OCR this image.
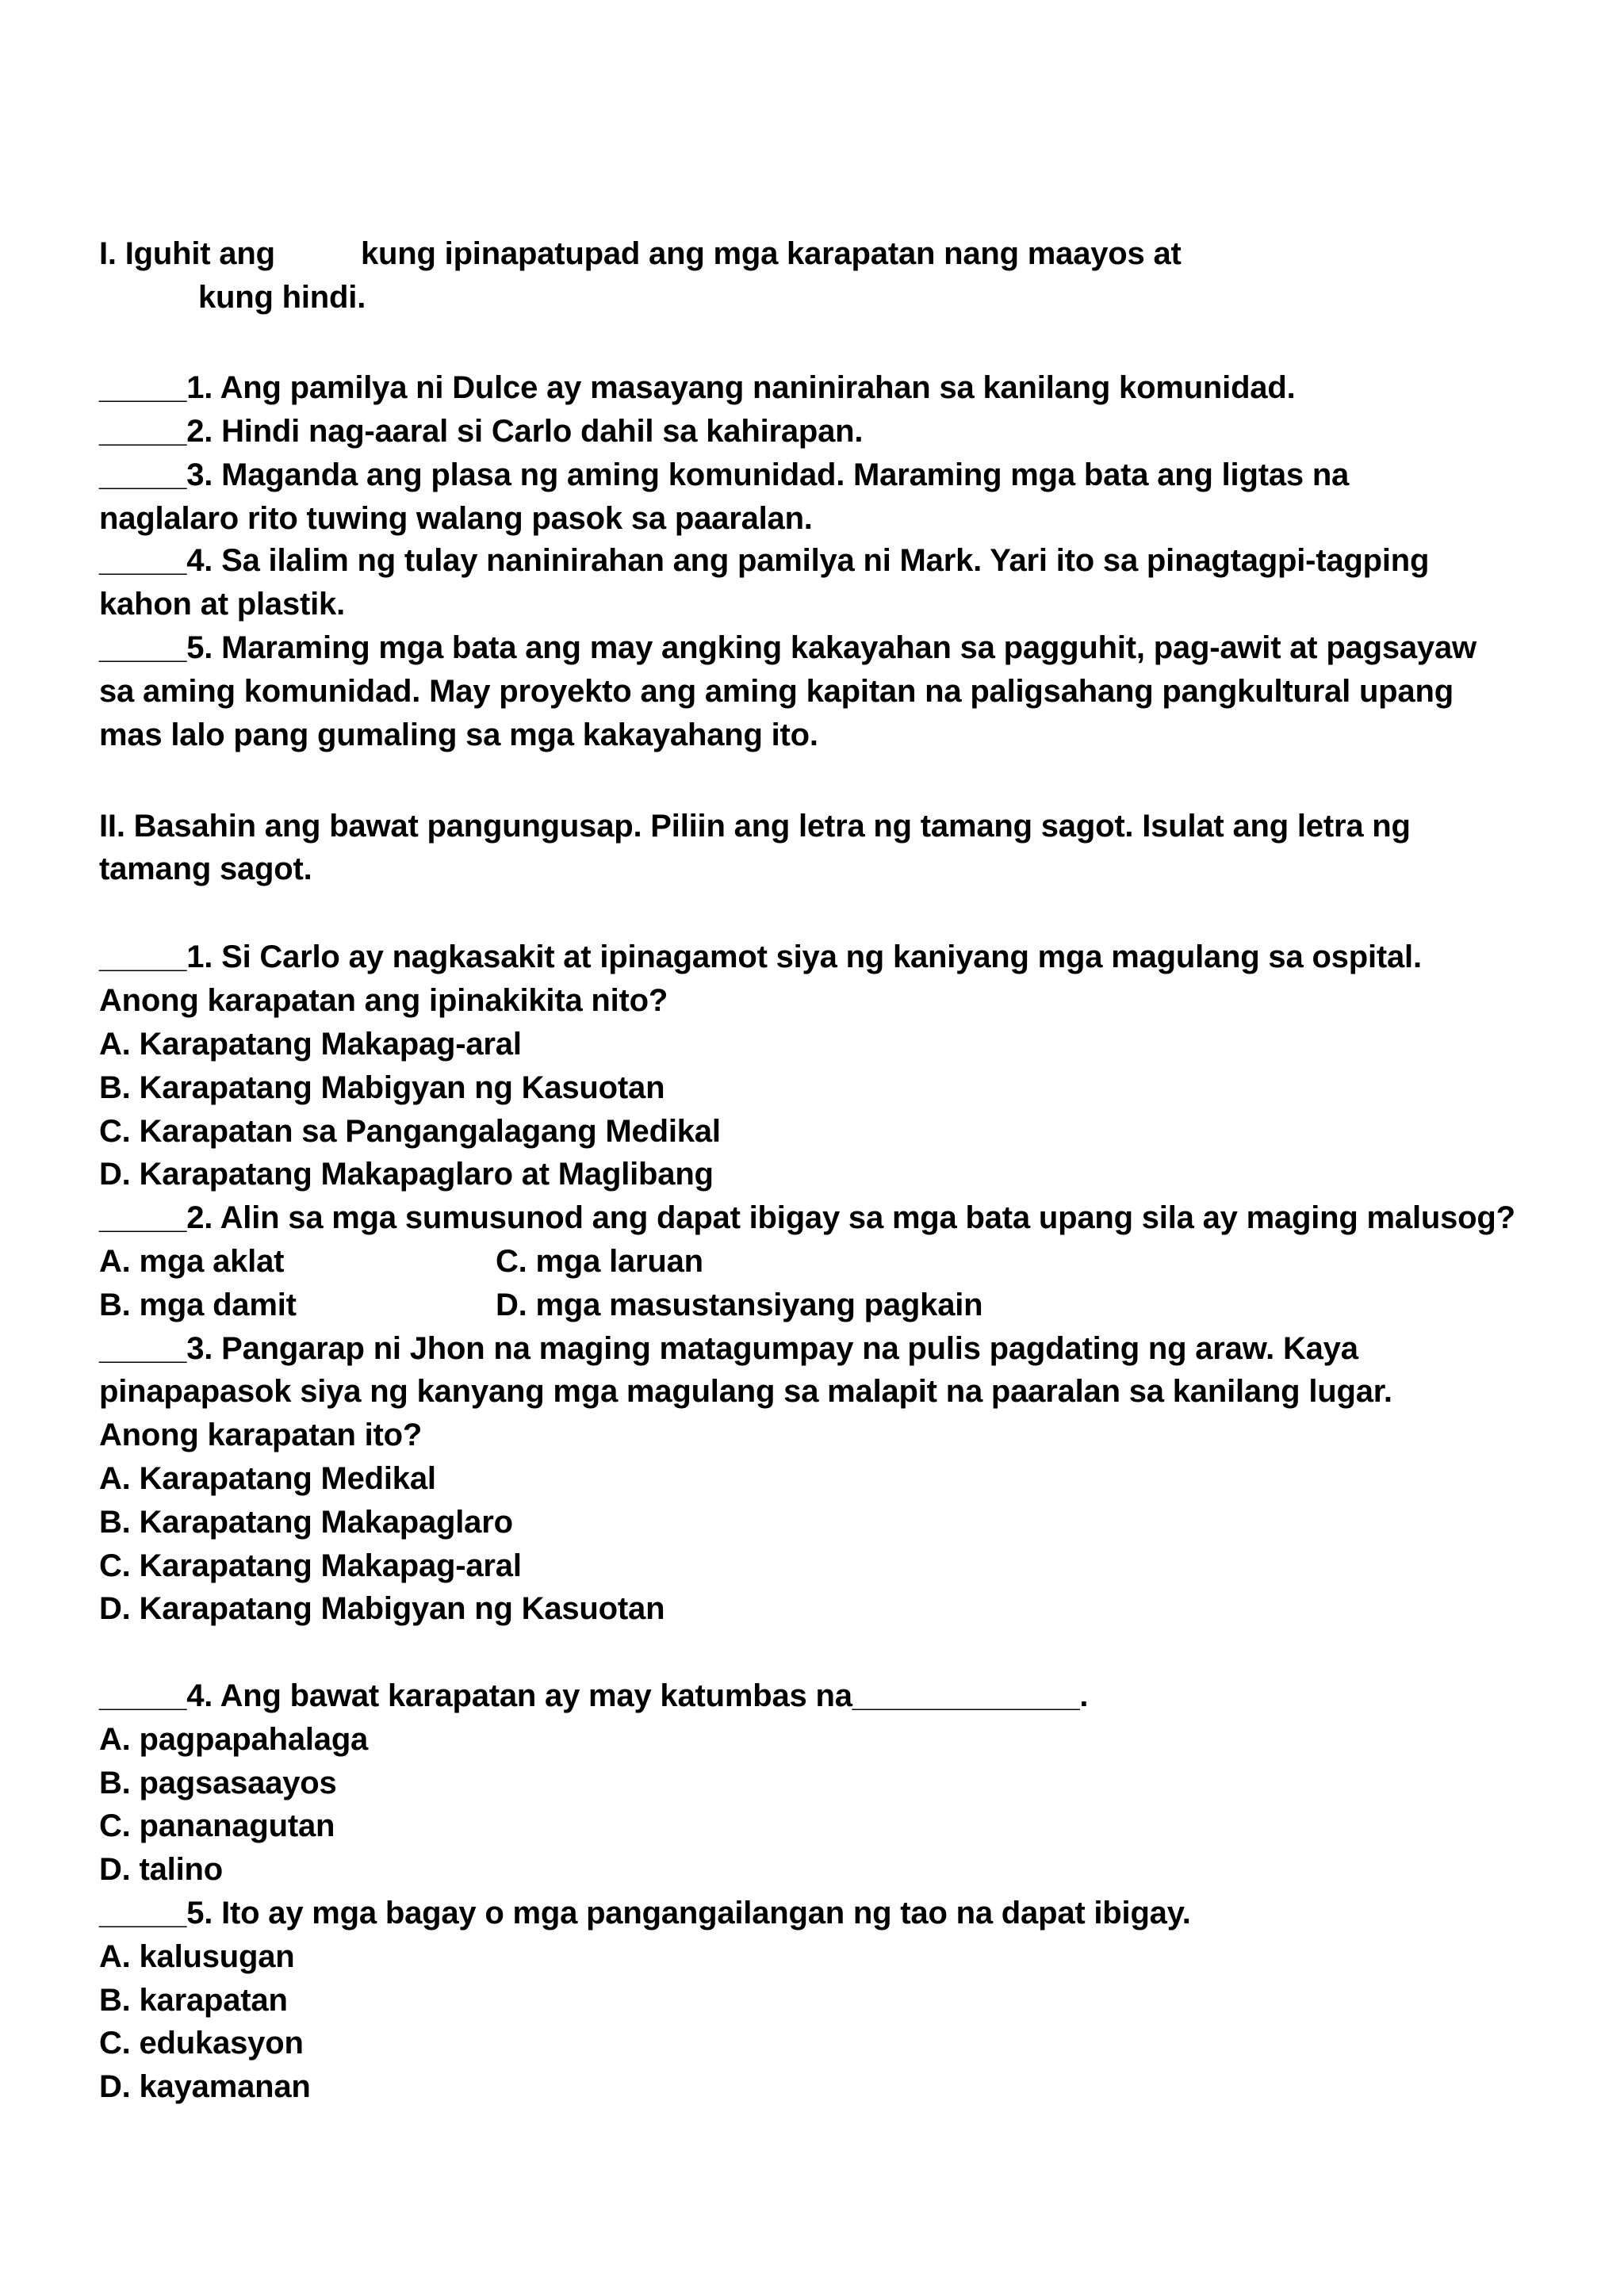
I. Iguhit ang	kung ipinapatupad ang mga karapatan nang maayos at

kung hindi.

_____1. Ang pamilya ni Dulce ay masayang naninirahan sa kanilang komunidad.

_____2. Hindi nag-aaral si Carlo dahil sa kahirapan.

_____3. Maganda ang plasa ng aming komunidad. Maraming mga bata ang ligtas na

naglalaro rito tuwing walang pasok sa paaralan.

_____4. Sa ilalim ng tulay naninirahan ang pamilya ni Mark. Yari ito sa pinagtagpi-tagping

kahon at plastik.

_____5. Maraming mga bata ang may angking kakayahan sa pagguhit, pag-awit at pagsayaw

sa aming komunidad. May proyekto ang aming kapitan na paligsahang pangkultural upang

mas lalo pang gumaling sa mga kakayahang ito.

II. Basahin ang bawat pangungusap. Piliin ang letra ng tamang sagot. Isulat ang letra ng

tamang sagot.

_____1. Si Carlo ay nagkasakit at ipinagamot siya ng kaniyang mga magulang sa ospital.

Anong karapatan ang ipinakikita nito?

A. Karapatang Makapag-aral

B. Karapatang Mabigyan ng Kasuotan

C. Karapatan sa Pangangalagang Medikal

D. Karapatang Makapaglaro at Maglibang

_____2. Alin sa mga sumusunod ang dapat ibigay sa mga bata upang sila ay maging malusog?

A. mga aklat	C. mga laruan

B. mga damit	D. mga masustansiyang pagkain

_____3. Pangarap ni Jhon na maging matagumpay na pulis pagdating ng araw. Kaya

pinapapasok siya ng kanyang mga magulang sa malapit na paaralan sa kanilang lugar.

Anong karapatan ito?

A. Karapatang Medikal

B. Karapatang Makapaglaro

C. Karapatang Makapag-aral

D. Karapatang Mabigyan ng Kasuotan

_____4. Ang bawat karapatan ay may katumbas na_____________.

A. pagpapahalaga

B. pagsasaayos

C. pananagutan

D. talino

_____5. Ito ay mga bagay o mga pangangailangan ng tao na dapat ibigay.

A. kalusugan

B. karapatan

C. edukasyon

D. kayamanan
